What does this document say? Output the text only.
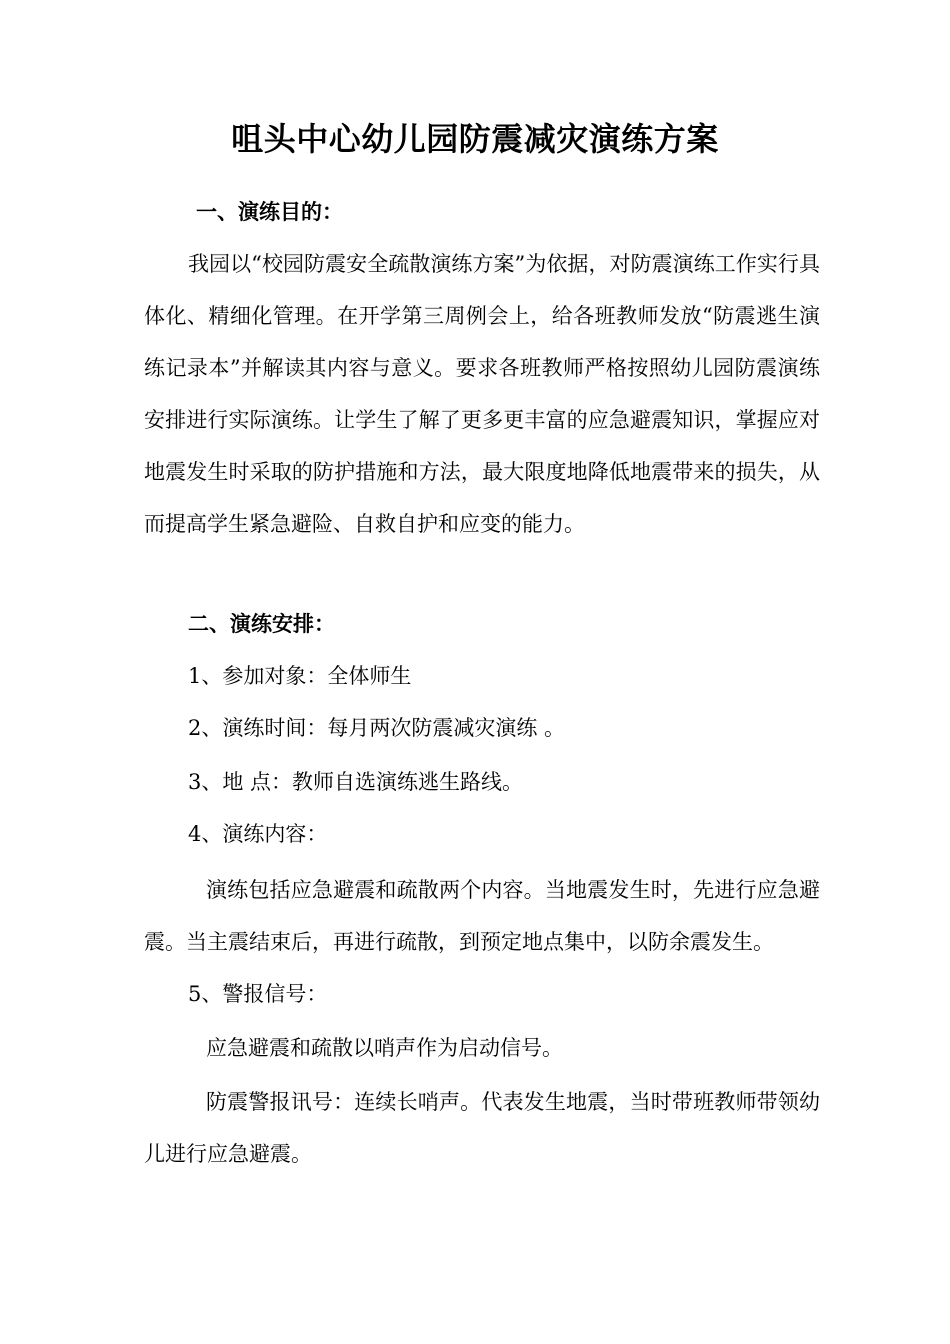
咀头中心幼儿园防震减灾演练方案
一、演练目的：

我园以“校园防震安全疏散演练方案”为依据，对防震演练工作实行具体化、精细化管理。在开学第三周例会上，给各班教师发放“防震逃生演练记录本”并解读其内容与意义。要求各班教师严格按照幼儿园防震演练安排进行实际演练。让学生了解了更多更丰富的应急避震知识，掌握应对地震发生时采取的防护措施和方法，最大限度地降低地震带来的损失，从而提高学生紧急避险、自救自护和应变的能力。

二、演练安排：
1、参加对象：全体师生
2、演练时间：每月两次防震减灾演练 。
3、地 点：教师自选演练逃生路线。
4、演练内容：

演练包括应急避震和疏散两个内容。当地震发生时，先进行应急避震。当主震结束后，再进行疏散，到预定地点集中，以防余震发生。

5、警报信号：

应急避震和疏散以哨声作为启动信号。

防震警报讯号：连续长哨声。代表发生地震，当时带班教师带领幼儿进行应急避震。
